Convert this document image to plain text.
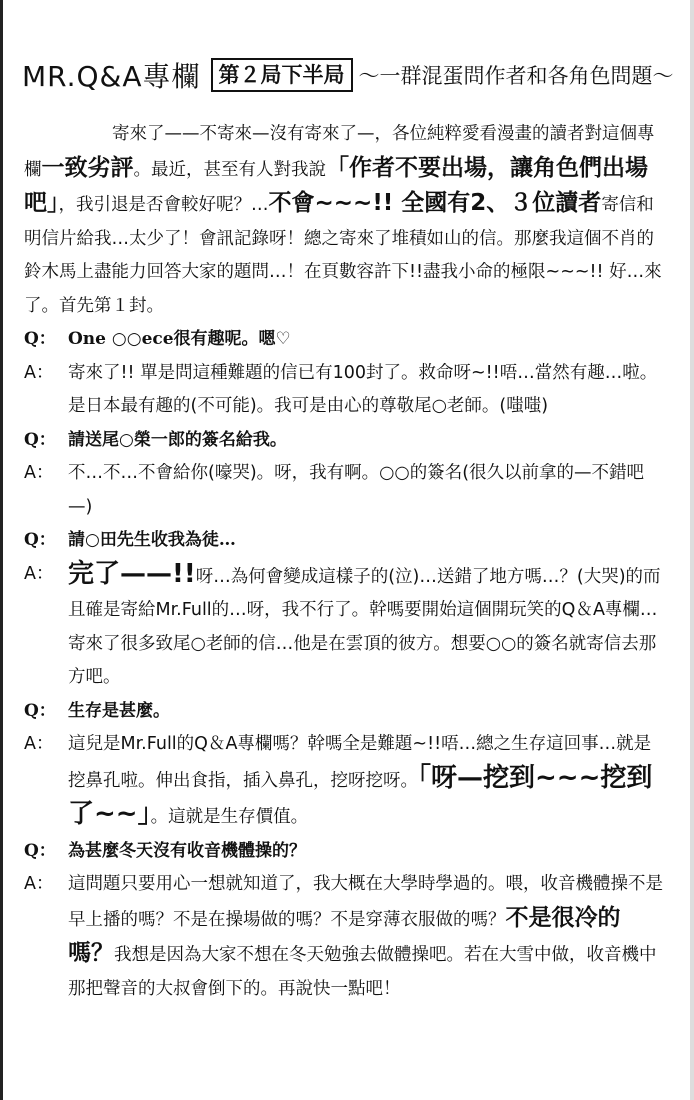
MR.Q&A專欄 第２局下半局 ～一群混蛋問作者和各角色問題～
寄來了——不寄來—沒有寄來了—，各位純粹愛看漫畫的讀者對這個專欄一致劣評。最近，甚至有人對我說「作者不要出場，讓角色們出場吧」，我引退是否會較好呢？…不會~~~!! 全國有2、３位讀者寄信和明信片給我…太少了！會訊記錄呀！總之寄來了堆積如山的信。那麼我這個不肖的鈴木馬上盡能力回答大家的題問…！在頁數容許下!!盡我小命的極限~~~!! 好…來了。首先第１封。
Q： One ○○ece很有趣呢。嗯♡
A： 寄來了!! 單是問這種難題的信已有100封了。救命呀~!!唔…當然有趣…啦。是日本最有趣的(不可能)。我可是由心的尊敬尾○老師。(嗤嗤)
Q： 請送尾○榮一郎的簽名給我。
A： 不…不…不會給你(嚎哭)。呀，我有啊。○○的簽名(很久以前拿的—不錯吧—)
Q： 請○田先生收我為徒…
A： 完了——!!呀…為何會變成這樣子的(泣)…送錯了地方嗎…？(大哭)的而且確是寄給Mr.Full的…呀，我不行了。幹嗎要開始這個開玩笑的Q＆A專欄…寄來了很多致尾○老師的信…他是在雲頂的彼方。想要○○的簽名就寄信去那方吧。
Q： 生存是甚麼。
A： 這兒是Mr.Full的Q＆A專欄嗎？幹嗎全是難題~!!唔…總之生存這回事…就是挖鼻孔啦。伸出食指，插入鼻孔，挖呀挖呀。「呀—挖到~~~挖到了~~」。這就是生存價值。
Q： 為甚麼冬天沒有收音機體操的？
A： 這問題只要用心一想就知道了，我大概在大學時學過的。喂，收音機體操不是早上播的嗎？不是在操場做的嗎？不是穿薄衣服做的嗎？不是很冷的嗎？我想是因為大家不想在冬天勉強去做體操吧。若在大雪中做，收音機中那把聲音的大叔會倒下的。再說快一點吧！
